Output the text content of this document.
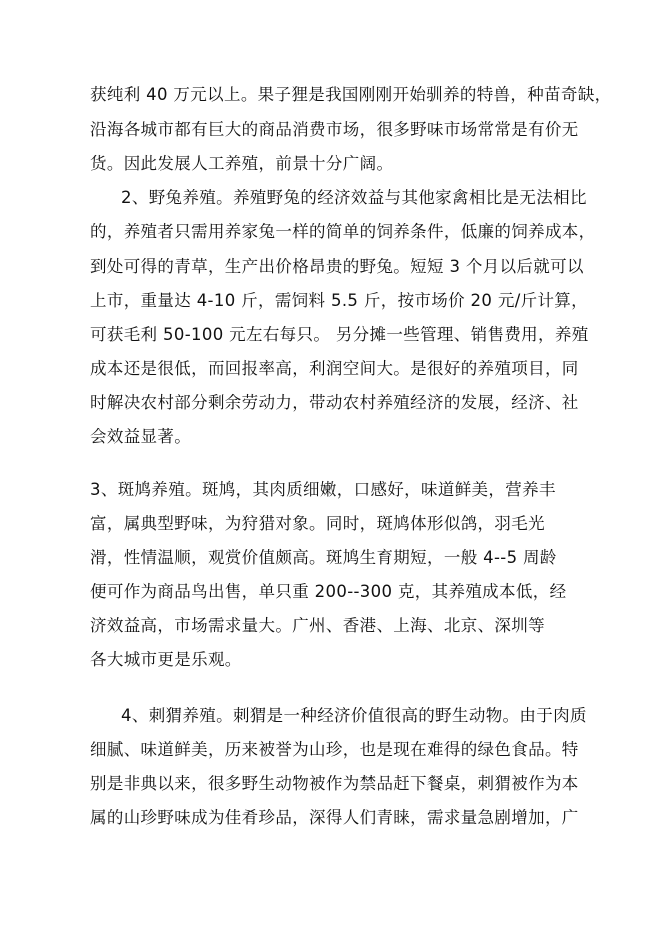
获纯利 40 万元以上。果子狸是我国刚刚开始驯养的特兽，种苗奇缺，
沿海各城市都有巨大的商品消费市场，很多野味市场常常是有价无
货。因此发展人工养殖，前景十分广阔。
2、野兔养殖。养殖野兔的经济效益与其他家禽相比是无法相比
的，养殖者只需用养家兔一样的简单的饲养条件，低廉的饲养成本，
到处可得的青草，生产出价格昂贵的野兔。短短 3 个月以后就可以
上市，重量达 4-10 斤，需饲料 5.5 斤，按市场价 20 元/斤计算，
可获毛利 50-100 元左右每只。 另分摊一些管理、销售费用，养殖
成本还是很低，而回报率高，利润空间大。是很好的养殖项目，同
时解决农村部分剩余劳动力，带动农村养殖经济的发展，经济、社
会效益显著。
3、斑鸠养殖。斑鸠，其肉质细嫩，口感好，味道鲜美，营养丰
富，属典型野味，为狩猎对象。同时，斑鸠体形似鸽，羽毛光
滑，性情温顺，观赏价值颇高。斑鸠生育期短，一般 4--5 周龄
便可作为商品鸟出售，单只重 200--300 克，其养殖成本低，经
济效益高，市场需求量大。广州、香港、上海、北京、深圳等
各大城市更是乐观。
4、刺猬养殖。刺猬是一种经济价值很高的野生动物。由于肉质
细腻、味道鲜美，历来被誉为山珍，也是现在难得的绿色食品。特
别是非典以来，很多野生动物被作为禁品赶下餐桌，刺猬被作为本
属的山珍野味成为佳肴珍品，深得人们青睐，需求量急剧增加，广
